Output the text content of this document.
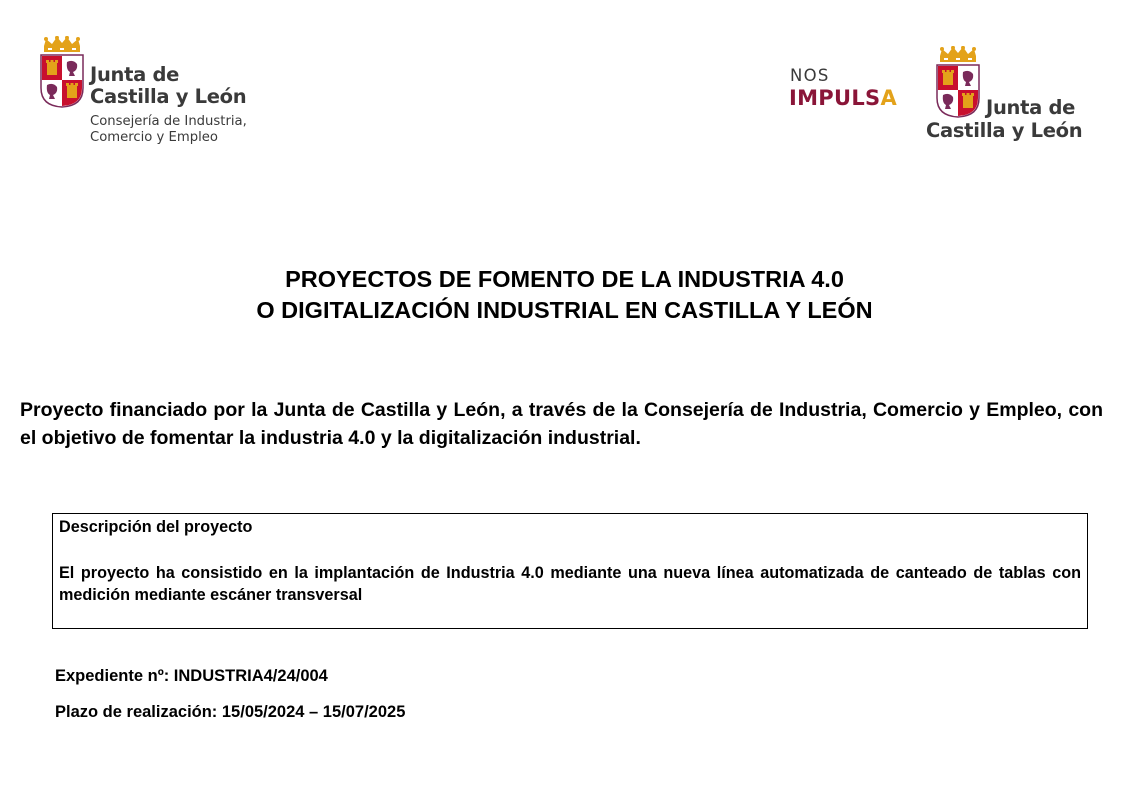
Junta de
Castilla y León
Consejería de Industria,
Comercio y Empleo
NOS
IMPULSA	Junta de
Castilla y León
PROYECTOS DE FOMENTO DE LA INDUSTRIA 4.0
O DIGITALIZACIÓN INDUSTRIAL EN CASTILLA Y LEÓN

Proyecto financiado por la Junta de Castilla y León, a través de la Consejería de Industria, Comercio y Empleo, con el objetivo de fomentar la industria 4.0 y la digitalización industrial.

Descripción del proyecto
El proyecto ha consistido en la implantación de Industria 4.0 mediante una nueva línea automatizada de canteado de tablas con medición mediante escáner transversal
Expediente nº: INDUSTRIA4/24/004
Plazo de realización: 15/05/2024 – 15/07/2025
